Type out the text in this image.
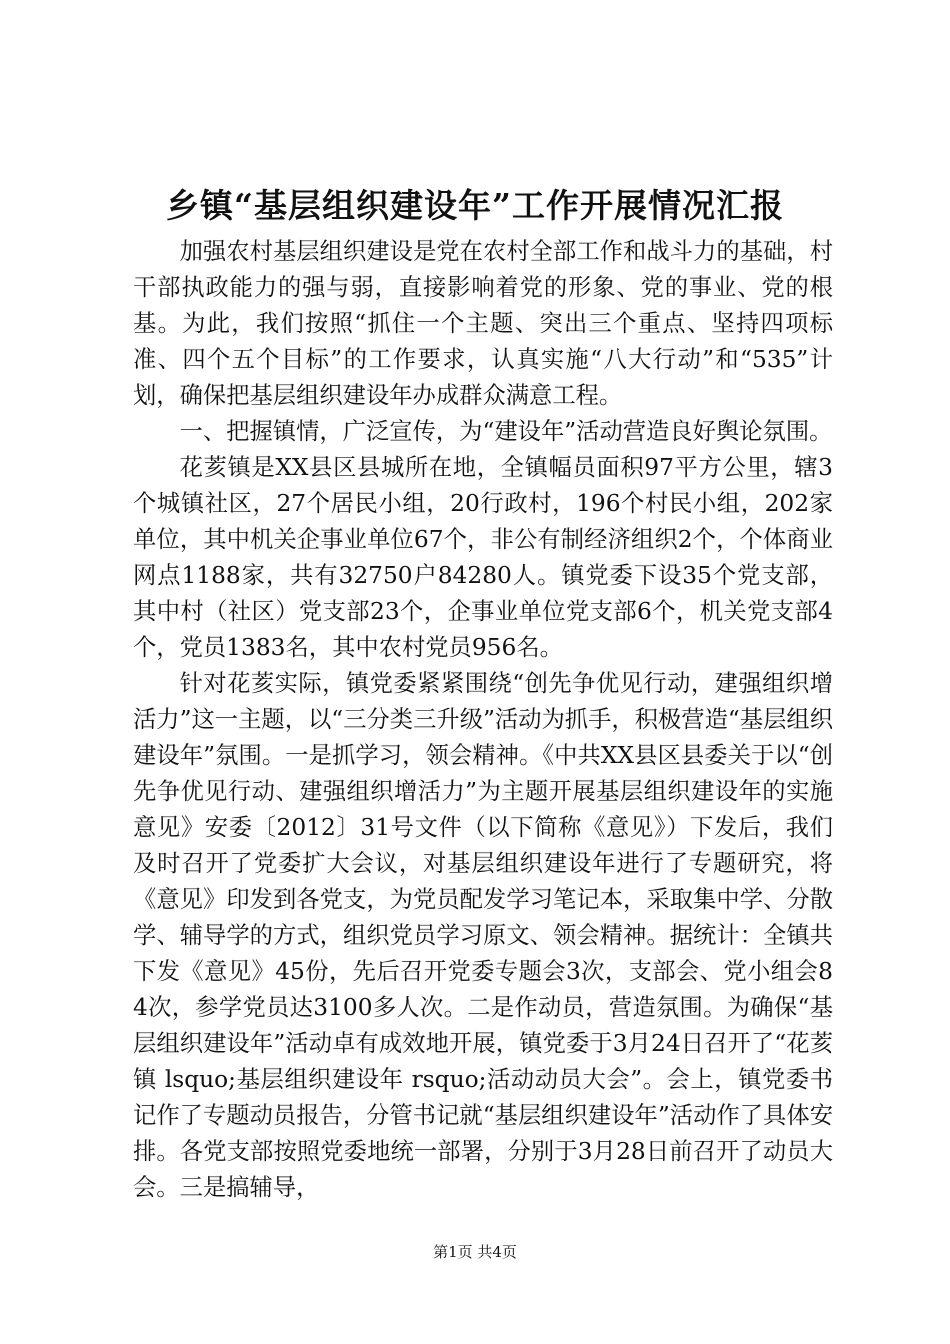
乡镇“基层组织建设年”工作开展情况汇报

加强农村基层组织建设是党在农村全部工作和战斗力的基础，村干部执政能力的强与弱，直接影响着党的形象、党的事业、党的根基。为此，我们按照“抓住一个主题、突出三个重点、坚持四项标准、四个五个目标”的工作要求，认真实施“八大行动”和“535”计划，确保把基层组织建设年办成群众满意工程。

一、把握镇情，广泛宣传，为“建设年”活动营造良好舆论氛围。

花荄镇是XX县区县城所在地，全镇幅员面积97平方公里，辖3个城镇社区，27个居民小组，20行政村，196个村民小组，202家单位，其中机关企事业单位67个，非公有制经济组织2个，个体商业网点1188家，共有32750户84280人。镇党委下设35个党支部，其中村（社区）党支部23个，企事业单位党支部6个，机关党支部4个，党员1383名，其中农村党员956名。

针对花荄实际，镇党委紧紧围绕“创先争优见行动，建强组织增活力”这一主题，以“三分类三升级”活动为抓手，积极营造“基层组织建设年”氛围。一是抓学习，领会精神。《中共XX县区县委关于以“创先争优见行动、建强组织增活力”为主题开展基层组织建设年的实施意见》安委〔2012〕31号文件（以下简称《意见》）下发后，我们及时召开了党委扩大会议，对基层组织建设年进行了专题研究，将《意见》印发到各党支，为党员配发学习笔记本，采取集中学、分散学、辅导学的方式，组织党员学习原文、领会精神。据统计：全镇共下发《意见》45份，先后召开党委专题会3次，支部会、党小组会84次，参学党员达3100多人次。二是作动员，营造氛围。为确保“基层组织建设年”活动卓有成效地开展，镇党委于3月24日召开了“花荄镇 lsquo;基层组织建设年 rsquo;活动动员大会”。会上，镇党委书记作了专题动员报告，分管书记就“基层组织建设年”活动作了具体安排。各党支部按照党委地统一部署，分别于3月28日前召开了动员大会。三是搞辅导，

第1页 共4页
